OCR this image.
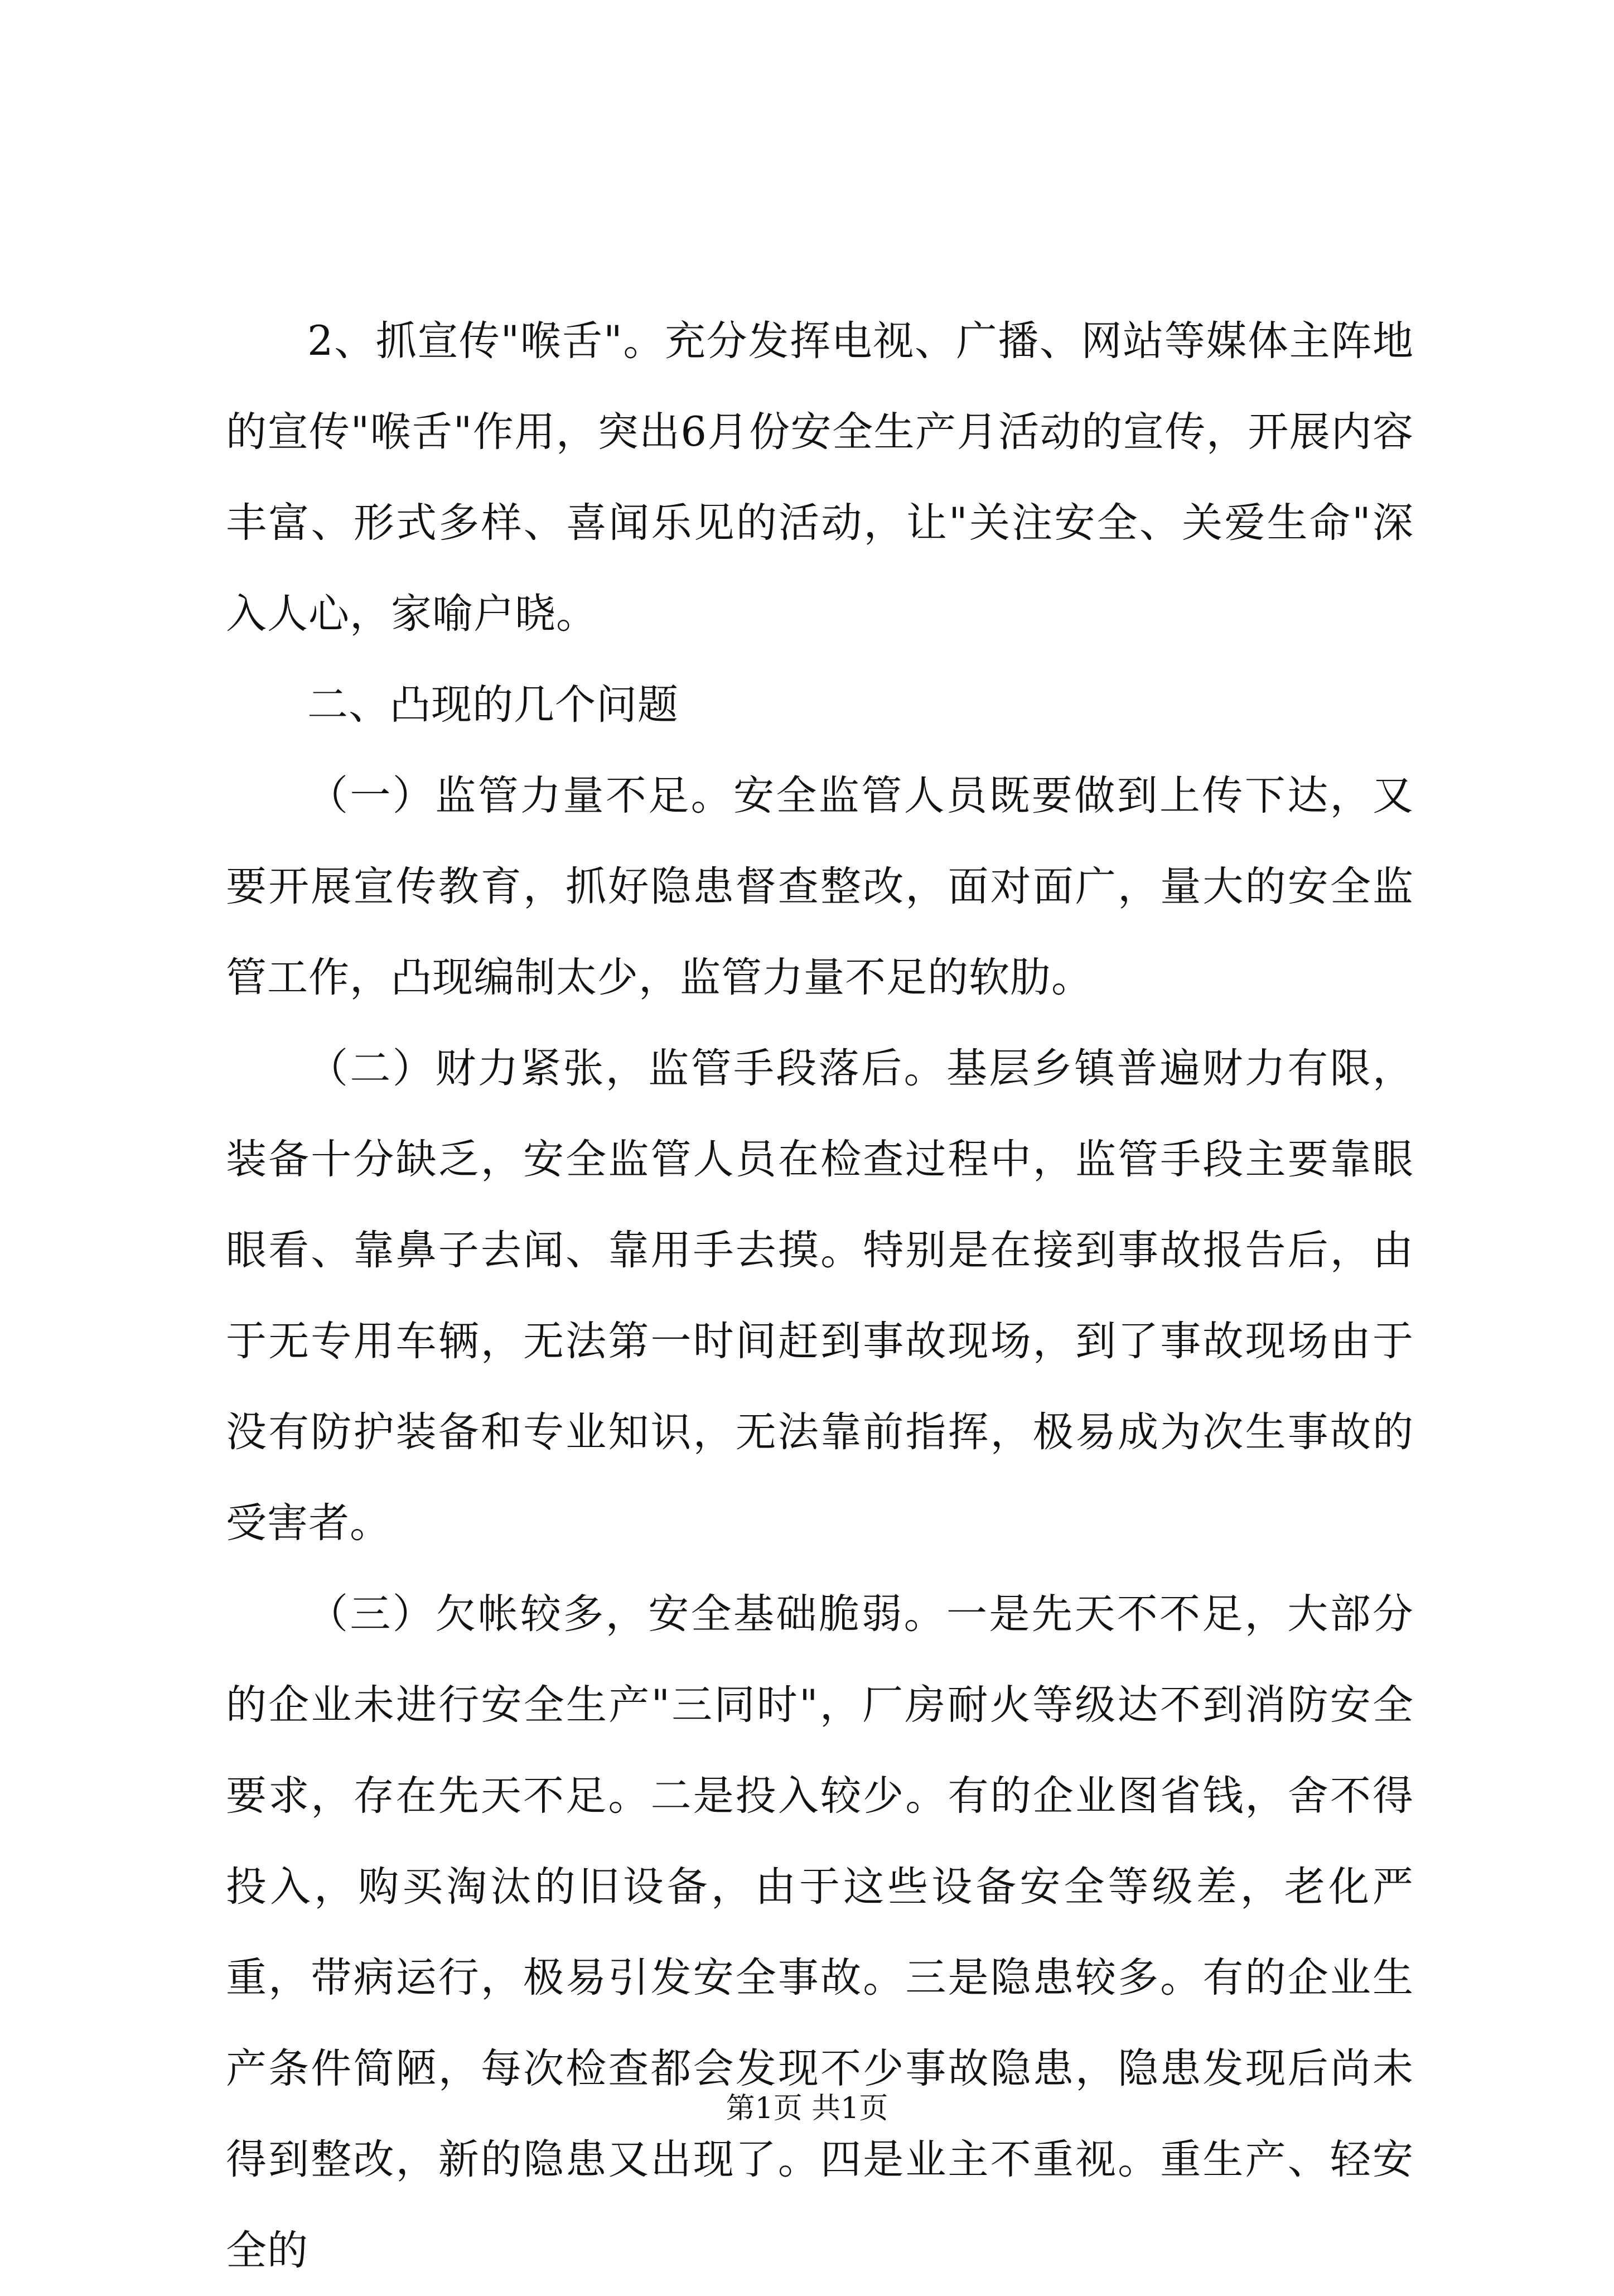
2、抓宣传"喉舌"。充分发挥电视、广播、网站等媒体主阵地的宣传"喉舌"作用，突出6月份安全生产月活动的宣传，开展内容丰富、形式多样、喜闻乐见的活动，让"关注安全、关爱生命"深入人心，家喻户晓。

二、凸现的几个问题

（一）监管力量不足。安全监管人员既要做到上传下达，又要开展宣传教育，抓好隐患督查整改，面对面广，量大的安全监管工作，凸现编制太少，监管力量不足的软肋。

（二）财力紧张，监管手段落后。基层乡镇普遍财力有限，装备十分缺乏，安全监管人员在检查过程中，监管手段主要靠眼眼看、靠鼻子去闻、靠用手去摸。特别是在接到事故报告后，由于无专用车辆，无法第一时间赶到事故现场，到了事故现场由于没有防护装备和专业知识，无法靠前指挥，极易成为次生事故的受害者。

（三）欠帐较多，安全基础脆弱。一是先天不不足，大部分的企业未进行安全生产"三同时"，厂房耐火等级达不到消防安全要求，存在先天不足。二是投入较少。有的企业图省钱，舍不得投入，购买淘汰的旧设备，由于这些设备安全等级差，老化严重，带病运行，极易引发安全事故。三是隐患较多。有的企业生产条件简陋，每次检查都会发现不少事故隐患，隐患发现后尚未得到整改，新的隐患又出现了。四是业主不重视。重生产、轻安全的

第1页 共1页
